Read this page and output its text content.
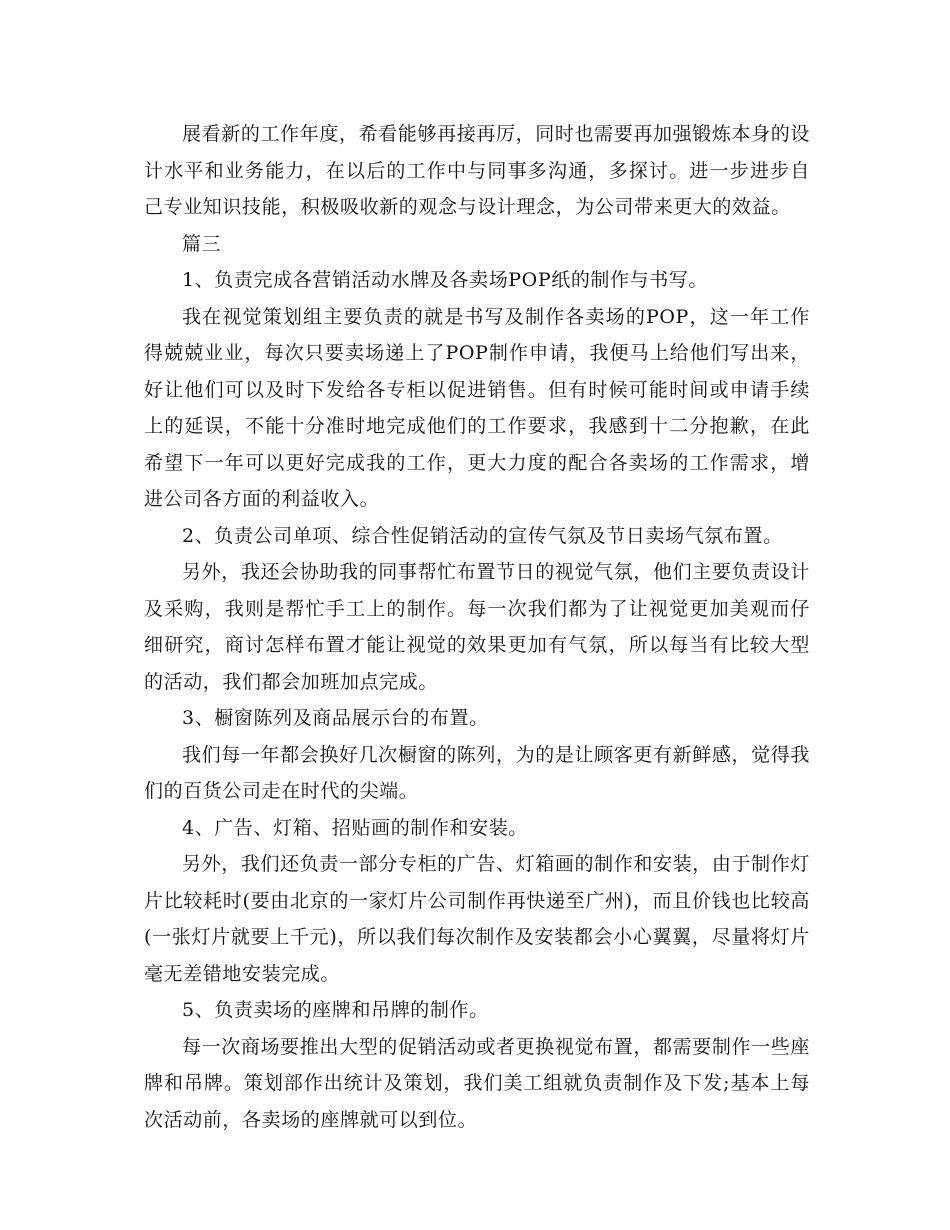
展看新的工作年度，希看能够再接再厉，同时也需要再加强锻炼本身的设计水平和业务能力，在以后的工作中与同事多沟通，多探讨。进一步进步自己专业知识技能，积极吸收新的观念与设计理念，为公司带来更大的效益。

篇三

1、负责完成各营销活动水牌及各卖场POP纸的制作与书写。

我在视觉策划组主要负责的就是书写及制作各卖场的POP，这一年工作得兢兢业业，每次只要卖场递上了POP制作申请，我便马上给他们写出来，好让他们可以及时下发给各专柜以促进销售。但有时候可能时间或申请手续上的延误，不能十分准时地完成他们的工作要求，我感到十二分抱歉，在此希望下一年可以更好完成我的工作，更大力度的配合各卖场的工作需求，增进公司各方面的利益收入。

2、负责公司单项、综合性促销活动的宣传气氛及节日卖场气氛布置。

另外，我还会协助我的同事帮忙布置节日的视觉气氛，他们主要负责设计及采购，我则是帮忙手工上的制作。每一次我们都为了让视觉更加美观而仔细研究，商讨怎样布置才能让视觉的效果更加有气氛，所以每当有比较大型的活动，我们都会加班加点完成。

3、橱窗陈列及商品展示台的布置。

我们每一年都会换好几次橱窗的陈列，为的是让顾客更有新鲜感，觉得我们的百货公司走在时代的尖端。

4、广告、灯箱、招贴画的制作和安装。

另外，我们还负责一部分专柜的广告、灯箱画的制作和安装，由于制作灯片比较耗时(要由北京的一家灯片公司制作再快递至广州)，而且价钱也比较高(一张灯片就要上千元)，所以我们每次制作及安装都会小心翼翼，尽量将灯片毫无差错地安装完成。

5、负责卖场的座牌和吊牌的制作。

每一次商场要推出大型的促销活动或者更换视觉布置，都需要制作一些座牌和吊牌。策划部作出统计及策划，我们美工组就负责制作及下发;基本上每次活动前，各卖场的座牌就可以到位。
